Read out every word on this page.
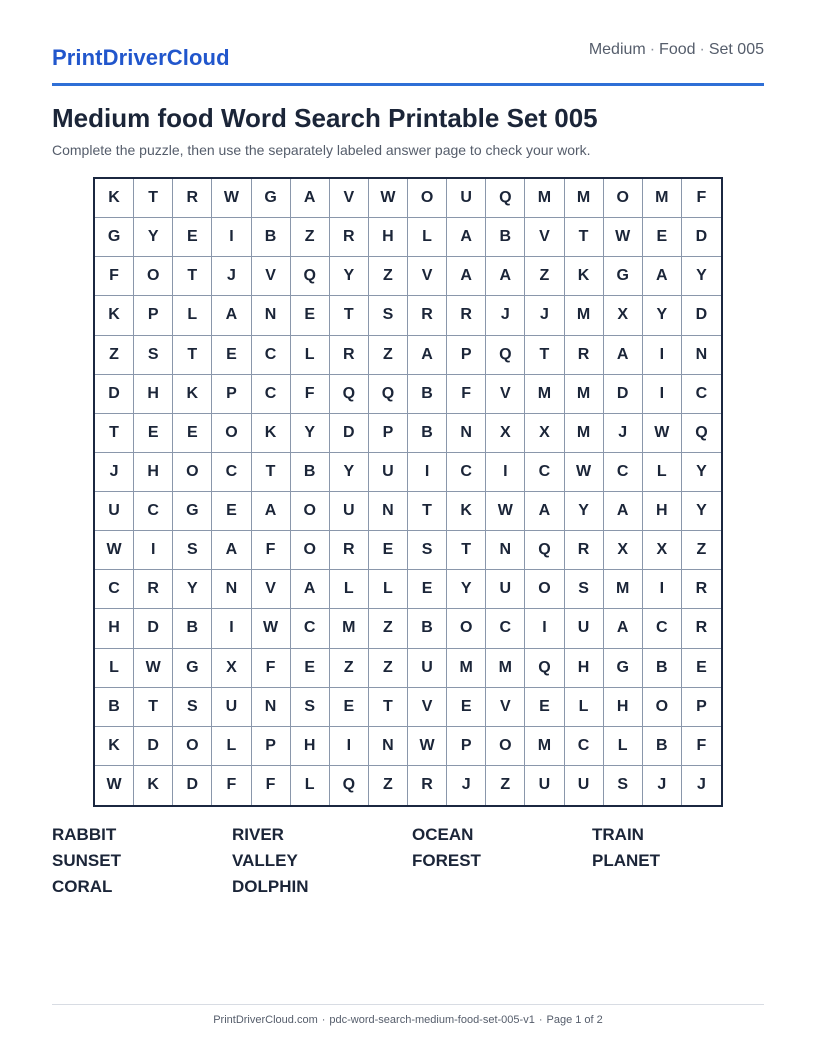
PrintDriverCloud	Medium · Food · Set 005
Medium food Word Search Printable Set 005
Complete the puzzle, then use the separately labeled answer page to check your work.
K	T	R	W	G	A	V	W	O	U	Q	M	M	O	M	F
G	Y	E	I	B	Z	R	H	L	A	B	V	T	W	E	D
F	O	T	J	V	Q	Y	Z	V	A	A	Z	K	G	A	Y
K	P	L	A	N	E	T	S	R	R	J	J	M	X	Y	D
Z	S	T	E	C	L	R	Z	A	P	Q	T	R	A	I	N
D	H	K	P	C	F	Q	Q	B	F	V	M	M	D	I	C
T	E	E	O	K	Y	D	P	B	N	X	X	M	J	W	Q
J	H	O	C	T	B	Y	U	I	C	I	C	W	C	L	Y
U	C	G	E	A	O	U	N	T	K	W	A	Y	A	H	Y
W	I	S	A	F	O	R	E	S	T	N	Q	R	X	X	Z
C	R	Y	N	V	A	L	L	E	Y	U	O	S	M	I	R
H	D	B	I	W	C	M	Z	B	O	C	I	U	A	C	R
L	W	G	X	F	E	Z	Z	U	M	M	Q	H	G	B	E
B	T	S	U	N	S	E	T	V	E	V	E	L	H	O	P
K	D	O	L	P	H	I	N	W	P	O	M	C	L	B	F
W	K	D	F	F	L	Q	Z	R	J	Z	U	U	S	J	J
RABBIT	RIVER	OCEAN	TRAIN
SUNSET	VALLEY	FOREST	PLANET
CORAL	DOLPHIN
PrintDriverCloud.com · pdc-word-search-medium-food-set-005-v1 · Page 1 of 2
